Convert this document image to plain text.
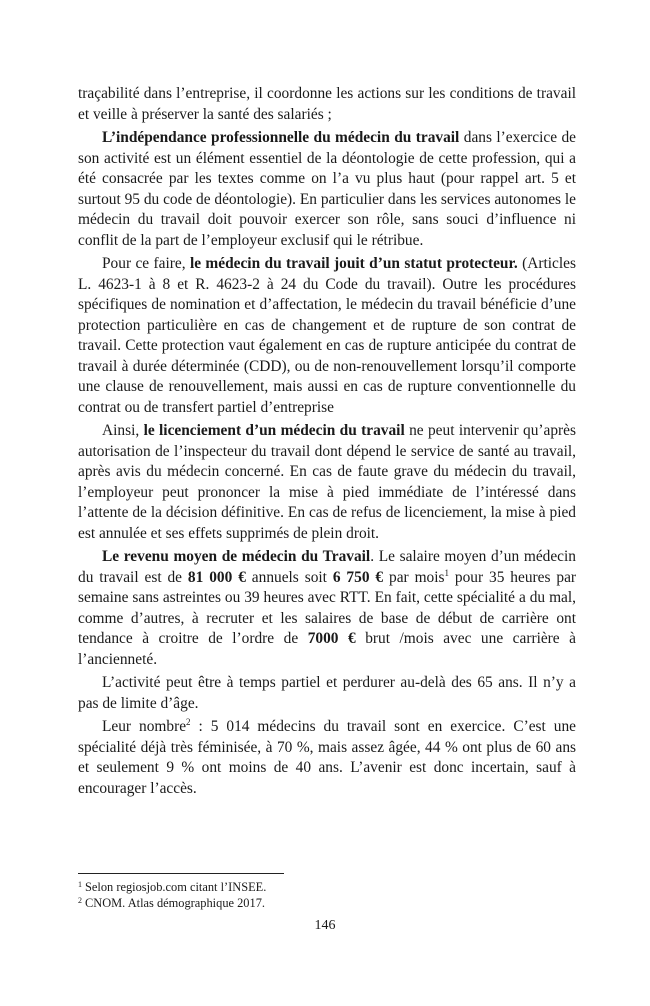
traçabilité dans l’entreprise, il coordonne les actions sur les conditions de travail et veille à préserver la santé des salariés ;

L’indépendance professionnelle du médecin du travail dans l’exercice de son activité est un élément essentiel de la déontologie de cette profession, qui a été consacrée par les textes comme on l’a vu plus haut (pour rappel art. 5 et surtout 95 du code de déontologie). En particulier dans les services autonomes le médecin du travail doit pouvoir exercer son rôle, sans souci d’influence ni conflit de la part de l’employeur exclusif qui le rétribue.

Pour ce faire, le médecin du travail jouit d’un statut protecteur. (Articles L. 4623-1 à 8 et R. 4623-2 à 24 du Code du travail). Outre les procédures spécifiques de nomination et d’affectation, le médecin du travail bénéficie d’une protection particulière en cas de changement et de rupture de son contrat de travail. Cette protection vaut également en cas de rupture anticipée du contrat de travail à durée déterminée (CDD), ou de non-renouvellement lorsqu’il comporte une clause de renouvellement, mais aussi en cas de rupture conventionnelle du contrat ou de transfert partiel d’entreprise

Ainsi, le licenciement d’un médecin du travail ne peut intervenir qu’après autorisation de l’inspecteur du travail dont dépend le service de santé au travail, après avis du médecin concerné. En cas de faute grave du médecin du travail, l’employeur peut prononcer la mise à pied immédiate de l’intéressé dans l’attente de la décision définitive. En cas de refus de licenciement, la mise à pied est annulée et ses effets supprimés de plein droit.

Le revenu moyen de médecin du Travail. Le salaire moyen d’un médecin du travail est de 81 000 € annuels soit 6 750 € par mois$^1$ pour 35 heures par semaine sans astreintes ou 39 heures avec RTT. En fait, cette spécialité a du mal, comme d’autres, à recruter et les salaires de base de début de carrière ont tendance à croitre de l’ordre de 7000 € brut /mois avec une carrière à l’ancienneté.

L’activité peut être à temps partiel et perdurer au-delà des 65 ans. Il n’y a pas de limite d’âge.

Leur nombre$^2$ : 5 014 médecins du travail sont en exercice. C’est une spécialité déjà très féminisée, à 70 %, mais assez âgée, 44 % ont plus de 60 ans et seulement 9 % ont moins de 40 ans. L’avenir est donc incertain, sauf à encourager l’accès.

$^1$ Selon regiosjob.com citant l’INSEE.
$^2$ CNOM. Atlas démographique 2017.
146
